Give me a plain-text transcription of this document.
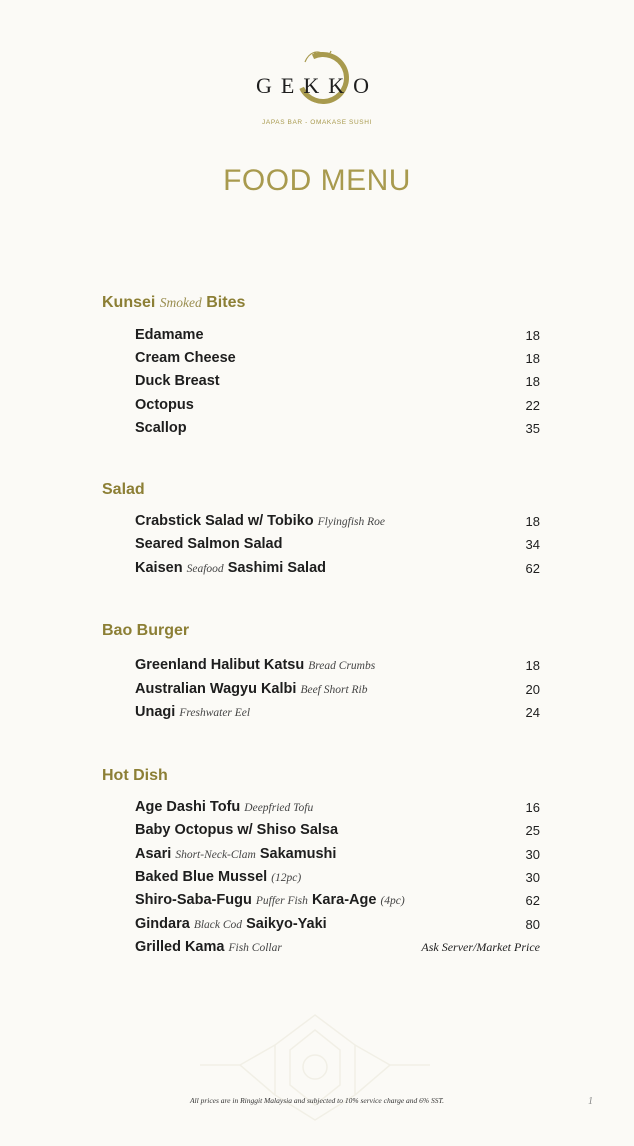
GEKKO
JAPAS BAR - OMAKASE SUSHI
FOOD MENU
Kunsei Smoked Bites
Edamame	18
Cream Cheese	18
Duck Breast	18
Octopus	22
Scallop	35
Salad
Crabstick Salad w/ Tobiko Flyingfish Roe	18
Seared Salmon Salad	34
Kaisen Seafood Sashimi Salad	62
Bao Burger
Greenland Halibut Katsu Bread Crumbs	18
Australian Wagyu Kalbi Beef Short Rib	20
Unagi Freshwater Eel	24
Hot Dish
Age Dashi Tofu Deepfried Tofu	16
Baby Octopus w/ Shiso Salsa	25
Asari Short-Neck-Clam Sakamushi	30
Baked Blue Mussel (12pc)	30
Shiro-Saba-Fugu Puffer Fish Kara-Age (4pc)	62
Gindara Black Cod Saikyo-Yaki	80
Grilled Kama Fish Collar	Ask Server/Market Price
All prices are in Ringgit Malaysia and subjected to 10% service charge and 6% SST.	1
